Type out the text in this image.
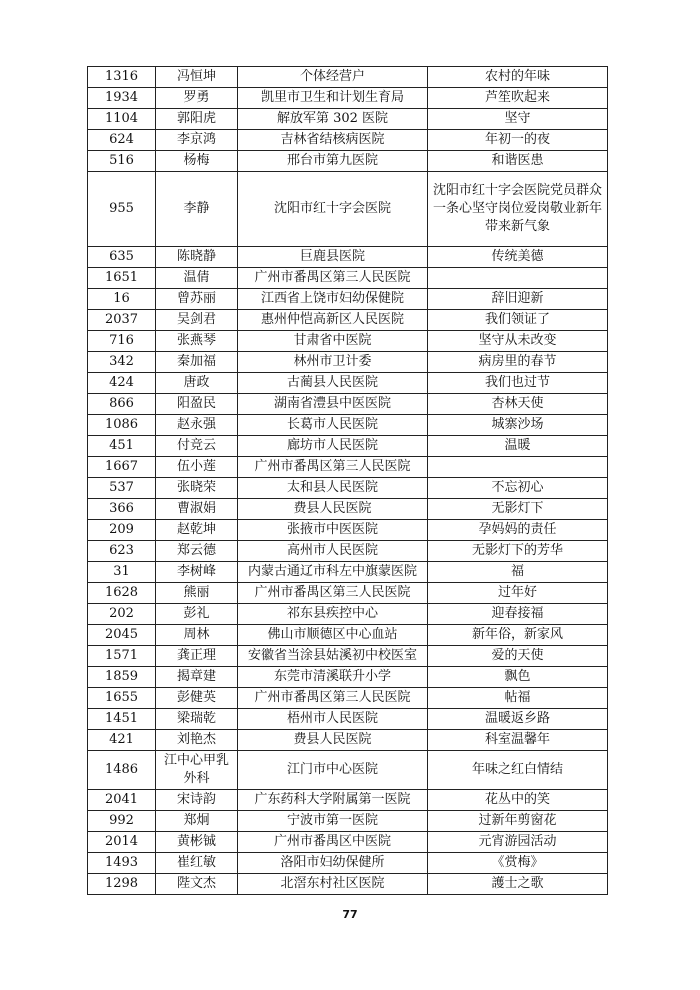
1316	冯恒坤	个体经营户	农村的年味
1934	罗勇	凯里市卫生和计划生育局	芦笙吹起来
1104	郭阳虎	解放军第 302 医院	坚守
624	李京鸿	吉林省结核病医院	年初一的夜
516	杨梅	邢台市第九医院	和谐医患
955	李静	沈阳市红十字会医院	沈阳市红十字会医院党员群众一条心坚守岗位爱岗敬业新年带来新气象
635	陈晓静	巨鹿县医院	传统美德
1651	温倩	广州市番禺区第三人民医院	
16	曾苏丽	江西省上饶市妇幼保健院	辞旧迎新
2037	吴剑君	惠州仲恺高新区人民医院	我们领证了
716	张燕琴	甘肃省中医院	坚守从未改变
342	秦加福	林州市卫计委	病房里的春节
424	唐政	古蔺县人民医院	我们也过节
866	阳盈民	湖南省澧县中医医院	杏林天使
1086	赵永强	长葛市人民医院	城寨沙场
451	付竞云	廊坊市人民医院	温暖
1667	伍小莲	广州市番禺区第三人民医院	
537	张晓荣	太和县人民医院	不忘初心
366	曹淑娟	费县人民医院	无影灯下
209	赵乾坤	张掖市中医医院	孕妈妈的责任
623	郑云德	高州市人民医院	无影灯下的芳华
31	李树峰	内蒙古通辽市科左中旗蒙医院	福
1628	熊丽	广州市番禺区第三人民医院	过年好
202	彭礼	祁东县疾控中心	迎春接福
2045	周林	佛山市顺德区中心血站	新年俗，新家风
1571	龚正理	安徽省当涂县姑溪初中校医室	爱的天使
1859	揭章建	东莞市清溪联升小学	飘色
1655	彭健英	广州市番禺区第三人民医院	帖福
1451	梁瑞乾	梧州市人民医院	温暖返乡路
421	刘艳杰	费县人民医院	科室温馨年
1486	江中心甲乳外科	江门市中心医院	年味之红白情结
2041	宋诗韵	广东药科大学附属第一医院	花丛中的笑
992	郑炯	宁波市第一医院	过新年剪窗花
2014	黄彬铖	广州市番禺区中医院	元宵游园活动
1493	崔红敏	洛阳市妇幼保健所	《赏梅》
1298	陛文杰	北滘东村社区医院	護士之歌
77
